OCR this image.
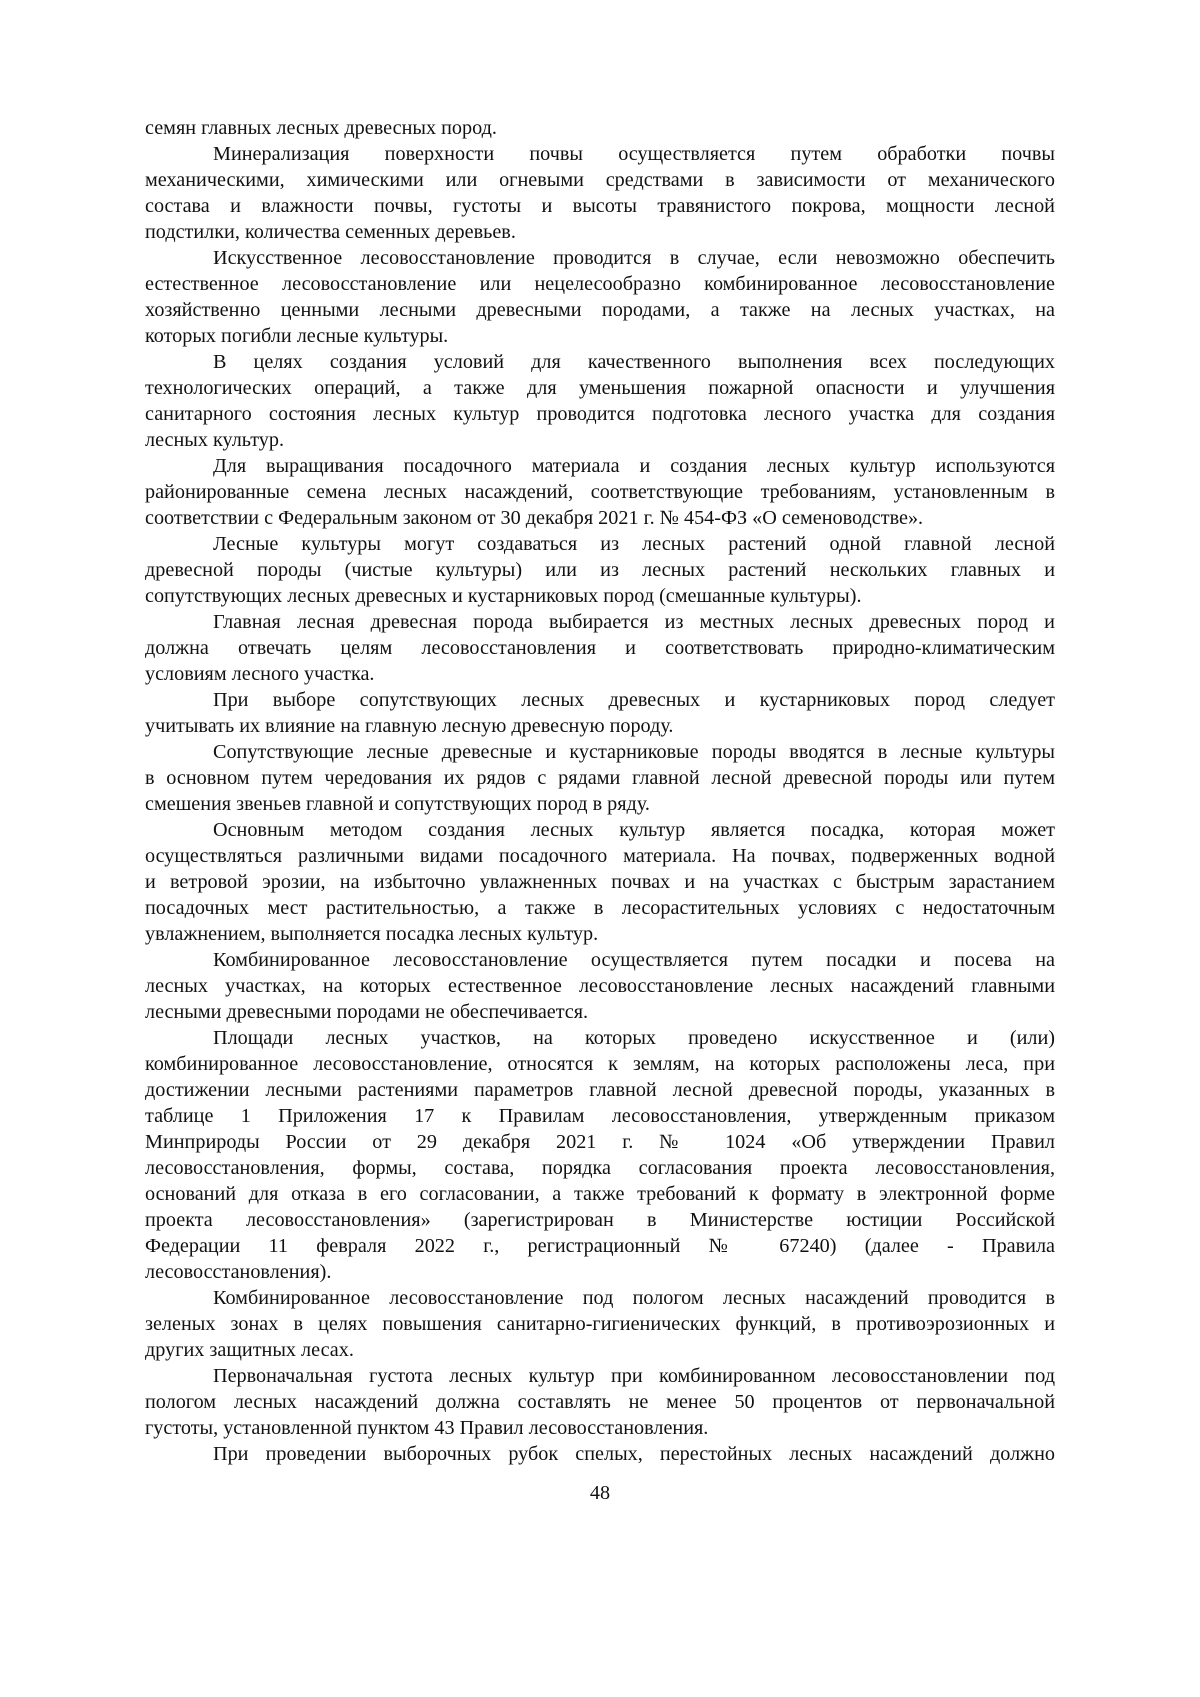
семян главных лесных древесных пород.
Минерализация поверхности почвы осуществляется путем обработки почвы
механическими, химическими или огневыми средствами в зависимости от механического
состава и влажности почвы, густоты и высоты травянистого покрова, мощности лесной
подстилки, количества семенных деревьев.
Искусственное лесовосстановление проводится в случае, если невозможно обеспечить
естественное лесовосстановление или нецелесообразно комбинированное лесовосстановление
хозяйственно ценными лесными древесными породами, а также на лесных участках, на
которых погибли лесные культуры.
В целях создания условий для качественного выполнения всех последующих
технологических операций, а также для уменьшения пожарной опасности и улучшения
санитарного состояния лесных культур проводится подготовка лесного участка для создания
лесных культур.
Для выращивания посадочного материала и создания лесных культур используются
районированные семена лесных насаждений, соответствующие требованиям, установленным в
соответствии с Федеральным законом от 30 декабря 2021 г. № 454-ФЗ «О семеноводстве».
Лесные культуры могут создаваться из лесных растений одной главной лесной
древесной породы (чистые культуры) или из лесных растений нескольких главных и
сопутствующих лесных древесных и кустарниковых пород (смешанные культуры).
Главная лесная древесная порода выбирается из местных лесных древесных пород и
должна отвечать целям лесовосстановления и соответствовать природно-климатическим
условиям лесного участка.
При выборе сопутствующих лесных древесных и кустарниковых пород следует
учитывать их влияние на главную лесную древесную породу.
Сопутствующие лесные древесные и кустарниковые породы вводятся в лесные культуры
в основном путем чередования их рядов с рядами главной лесной древесной породы или путем
смешения звеньев главной и сопутствующих пород в ряду.
Основным методом создания лесных культур является посадка, которая может
осуществляться различными видами посадочного материала. На почвах, подверженных водной
и ветровой эрозии, на избыточно увлажненных почвах и на участках с быстрым зарастанием
посадочных мест растительностью, а также в лесорастительных условиях с недостаточным
увлажнением, выполняется посадка лесных культур.
Комбинированное лесовосстановление осуществляется путем посадки и посева на
лесных участках, на которых естественное лесовосстановление лесных насаждений главными
лесными древесными породами не обеспечивается.
Площади лесных участков, на которых проведено искусственное и (или)
комбинированное лесовосстановление, относятся к землям, на которых расположены леса, при
достижении лесными растениями параметров главной лесной древесной породы, указанных в
таблице 1 Приложения 17 к Правилам лесовосстановления, утвержденным приказом
Минприроды России от 29 декабря 2021 г. № 1024 «Об утверждении Правил
лесовосстановления, формы, состава, порядка согласования проекта лесовосстановления,
оснований для отказа в его согласовании, а также требований к формату в электронной форме
проекта лесовосстановления» (зарегистрирован в Министерстве юстиции Российской
Федерации 11 февраля 2022 г., регистрационный № 67240) (далее - Правила
лесовосстановления).
Комбинированное лесовосстановление под пологом лесных насаждений проводится в
зеленых зонах в целях повышения санитарно-гигиенических функций, в противоэрозионных и
других защитных лесах.
Первоначальная густота лесных культур при комбинированном лесовосстановлении под
пологом лесных насаждений должна составлять не менее 50 процентов от первоначальной
густоты, установленной пунктом 43 Правил лесовосстановления.
При проведении выборочных рубок спелых, перестойных лесных насаждений должно
48
